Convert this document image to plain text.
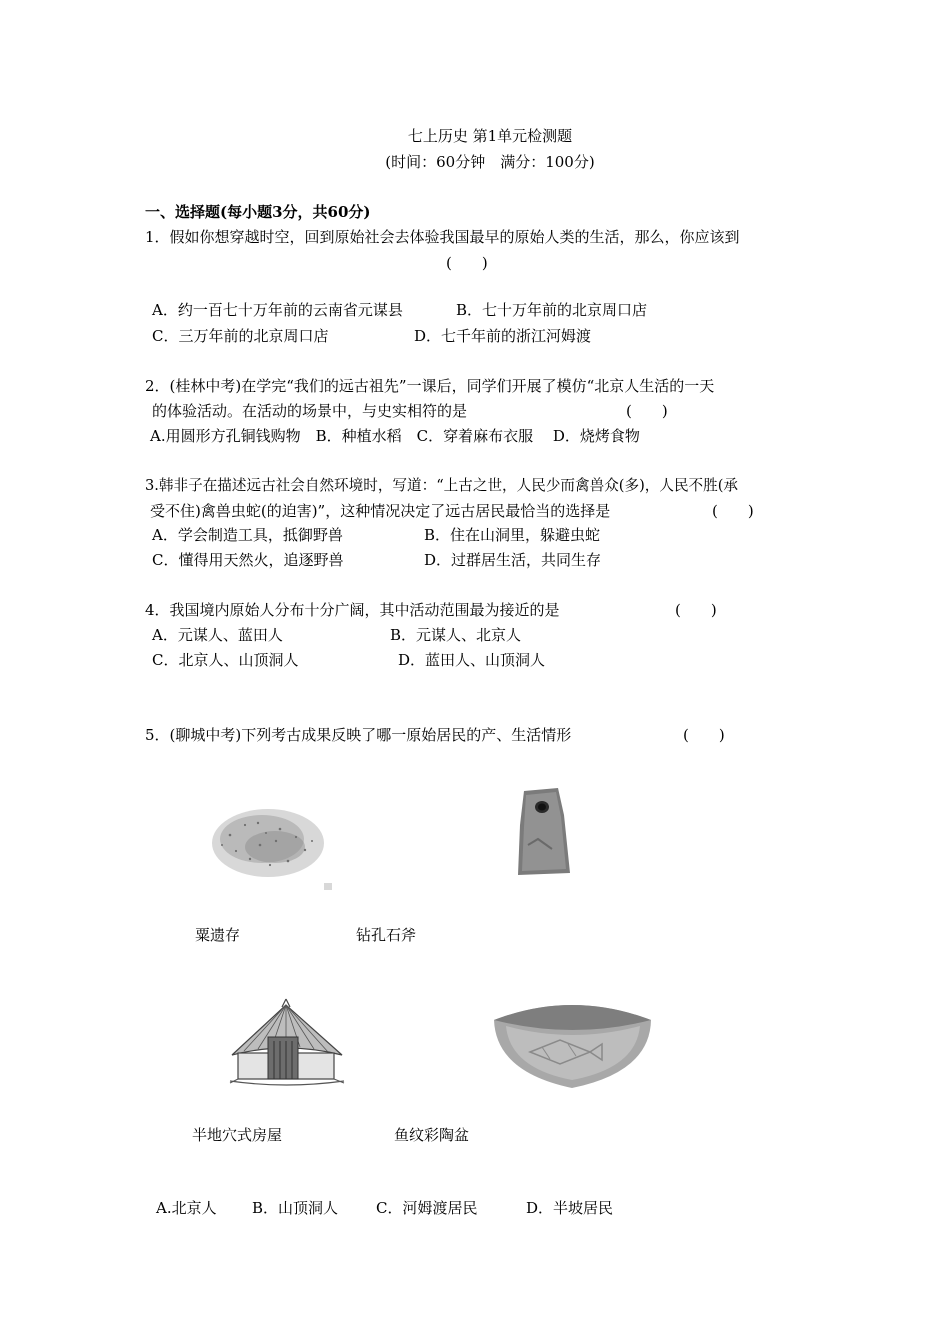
七上历史 第1单元检测题
(时间：60分钟　满分：100分)
一、选择题(每小题3分，共60分)
1．假如你想穿越时空，回到原始社会去体验我国最早的原始人类的生活，那么，你应该到
(　　)
A．约一百七十万年前的云南省元谋县	B．七十万年前的北京周口店
C．三万年前的北京周口店	D．七千年前的浙江河姆渡
2．(桂林中考)在学完“我们的远古祖先”一课后，同学们开展了模仿“北京人生活的一天
的体验活动。在活动的场景中，与史实相符的是	(　　)
A.用圆形方孔铜钱购物　B．种植水稻　C．穿着麻布衣服　 D．烧烤食物
3.韩非子在描述远古社会自然环境时，写道：“上古之世，人民少而禽兽众(多)，人民不胜(承
受不住)禽兽虫蛇(的迫害)”，这种情况决定了远古居民最恰当的选择是	(　　)
A．学会制造工具，抵御野兽	B．住在山洞里，躲避虫蛇
C．懂得用天然火，追逐野兽	D．过群居生活，共同生存
4．我国境内原始人分布十分广阔，其中活动范围最为接近的是	(　　)
A．元谋人、蓝田人	B．元谋人、北京人
C．北京人、山顶洞人	D．蓝田人、山顶洞人
5．(聊城中考)下列考古成果反映了哪一原始居民的产、生活情形	(　　)
粟遗存	钻孔石斧
半地穴式房屋	鱼纹彩陶盆
A.北京人 B．山顶洞人	C．河姆渡居民	D．半坡居民
